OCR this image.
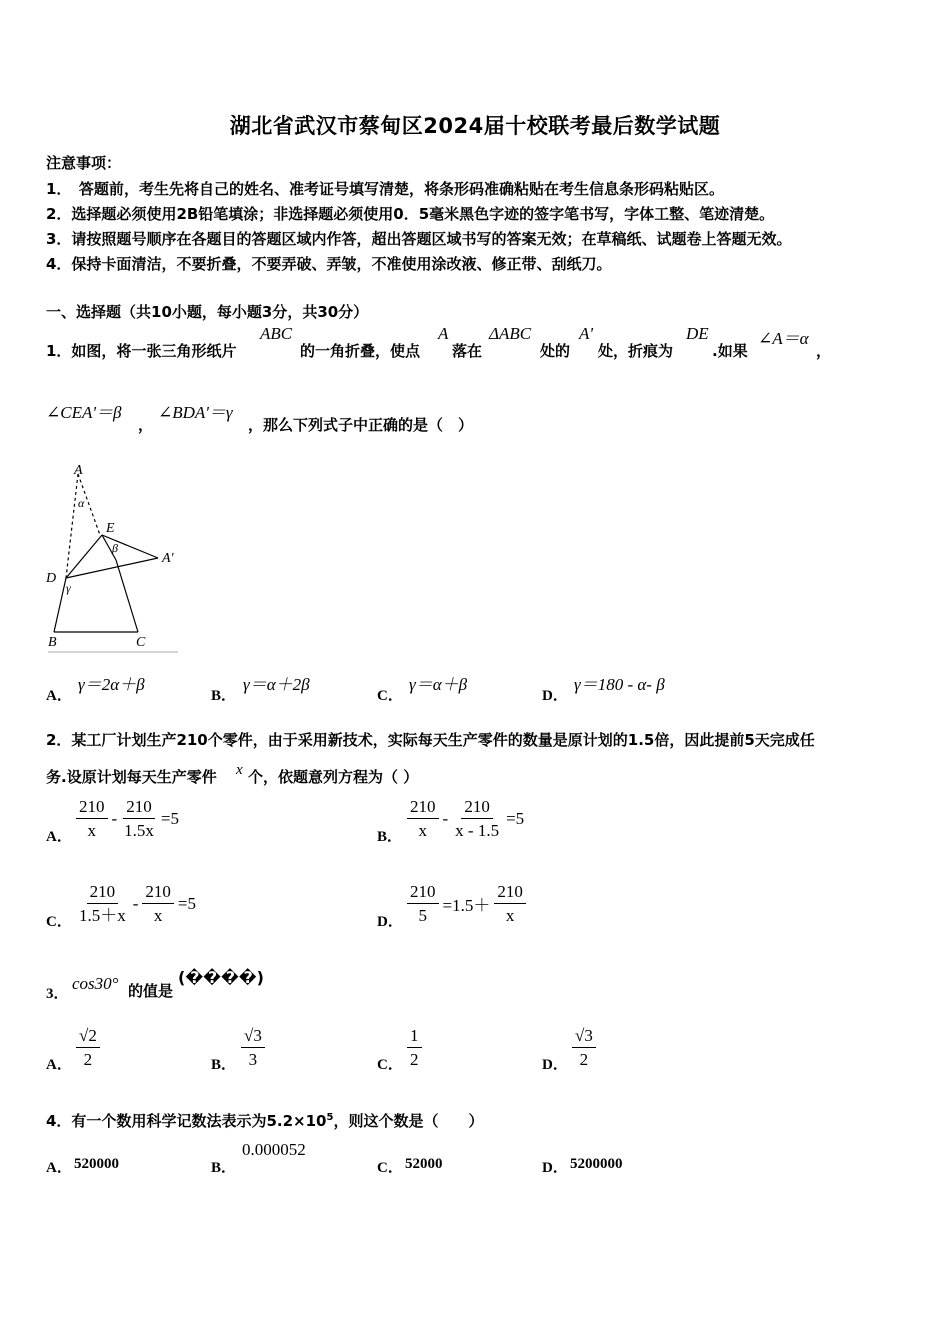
湖北省武汉市蔡甸区2024届十校联考最后数学试题
注意事项：
1．　答题前，考生先将自己的姓名、准考证号填写清楚，将条形码准确粘贴在考生信息条形码粘贴区。
2．选择题必须使用2B铅笔填涂；非选择题必须使用0．5毫米黑色字迹的签字笔书写，字体工整、笔迹清楚。
3．请按照题号顺序在各题目的答题区域内作答，超出答题区域书写的答案无效；在草稿纸、试题卷上答题无效。
4．保持卡面清洁，不要折叠，不要弄破、弄皱，不准使用涂改液、修正带、刮纸刀。
一、选择题（共10小题，每小题3分，共30分）
1．如图，将一张三角形纸片
ABC
的一角折叠，使点
A
落在
ΔABC
处的
A'
处，折痕为
DE
.如果
∠A＝α
，
∠CEA'＝β
，
∠BDA'＝γ
，那么下列式子中正确的是（　）
A
α
E
β
A'
D
γ
B	C
A．
γ＝2α＋β
B．
γ＝α＋2β
C．
γ＝α＋β
D．
γ＝180 - α- β
2．某工厂计划生产210个零件，由于采用新技术，实际每天生产零件的数量是原计划的1.5倍，因此提前5天完成任
务.设原计划每天生产零件 x 个，依题意列方程为（ ）
A． $\frac{210}{x} - \frac{210}{1.5x} =5$
B． $\frac{210}{x} - \frac{210}{x - 1.5} =5$
C． $\frac{210}{1.5+x} - \frac{210}{x} =5$
D． $\frac{210}{5} =1.5+ \frac{210}{x}$
3．
cos30° 的值是
(����)
A． $\frac{√2}{2}$	B． $\frac{√3}{3}$	C． $\frac{1}{2}$	D． $\frac{√3}{2}$
4．有一个数用科学记数法表示为$5.2\times 10^5$，则这个数是（　　）
A． 520000	B．
0.000052
C． 52000	D． 5200000
